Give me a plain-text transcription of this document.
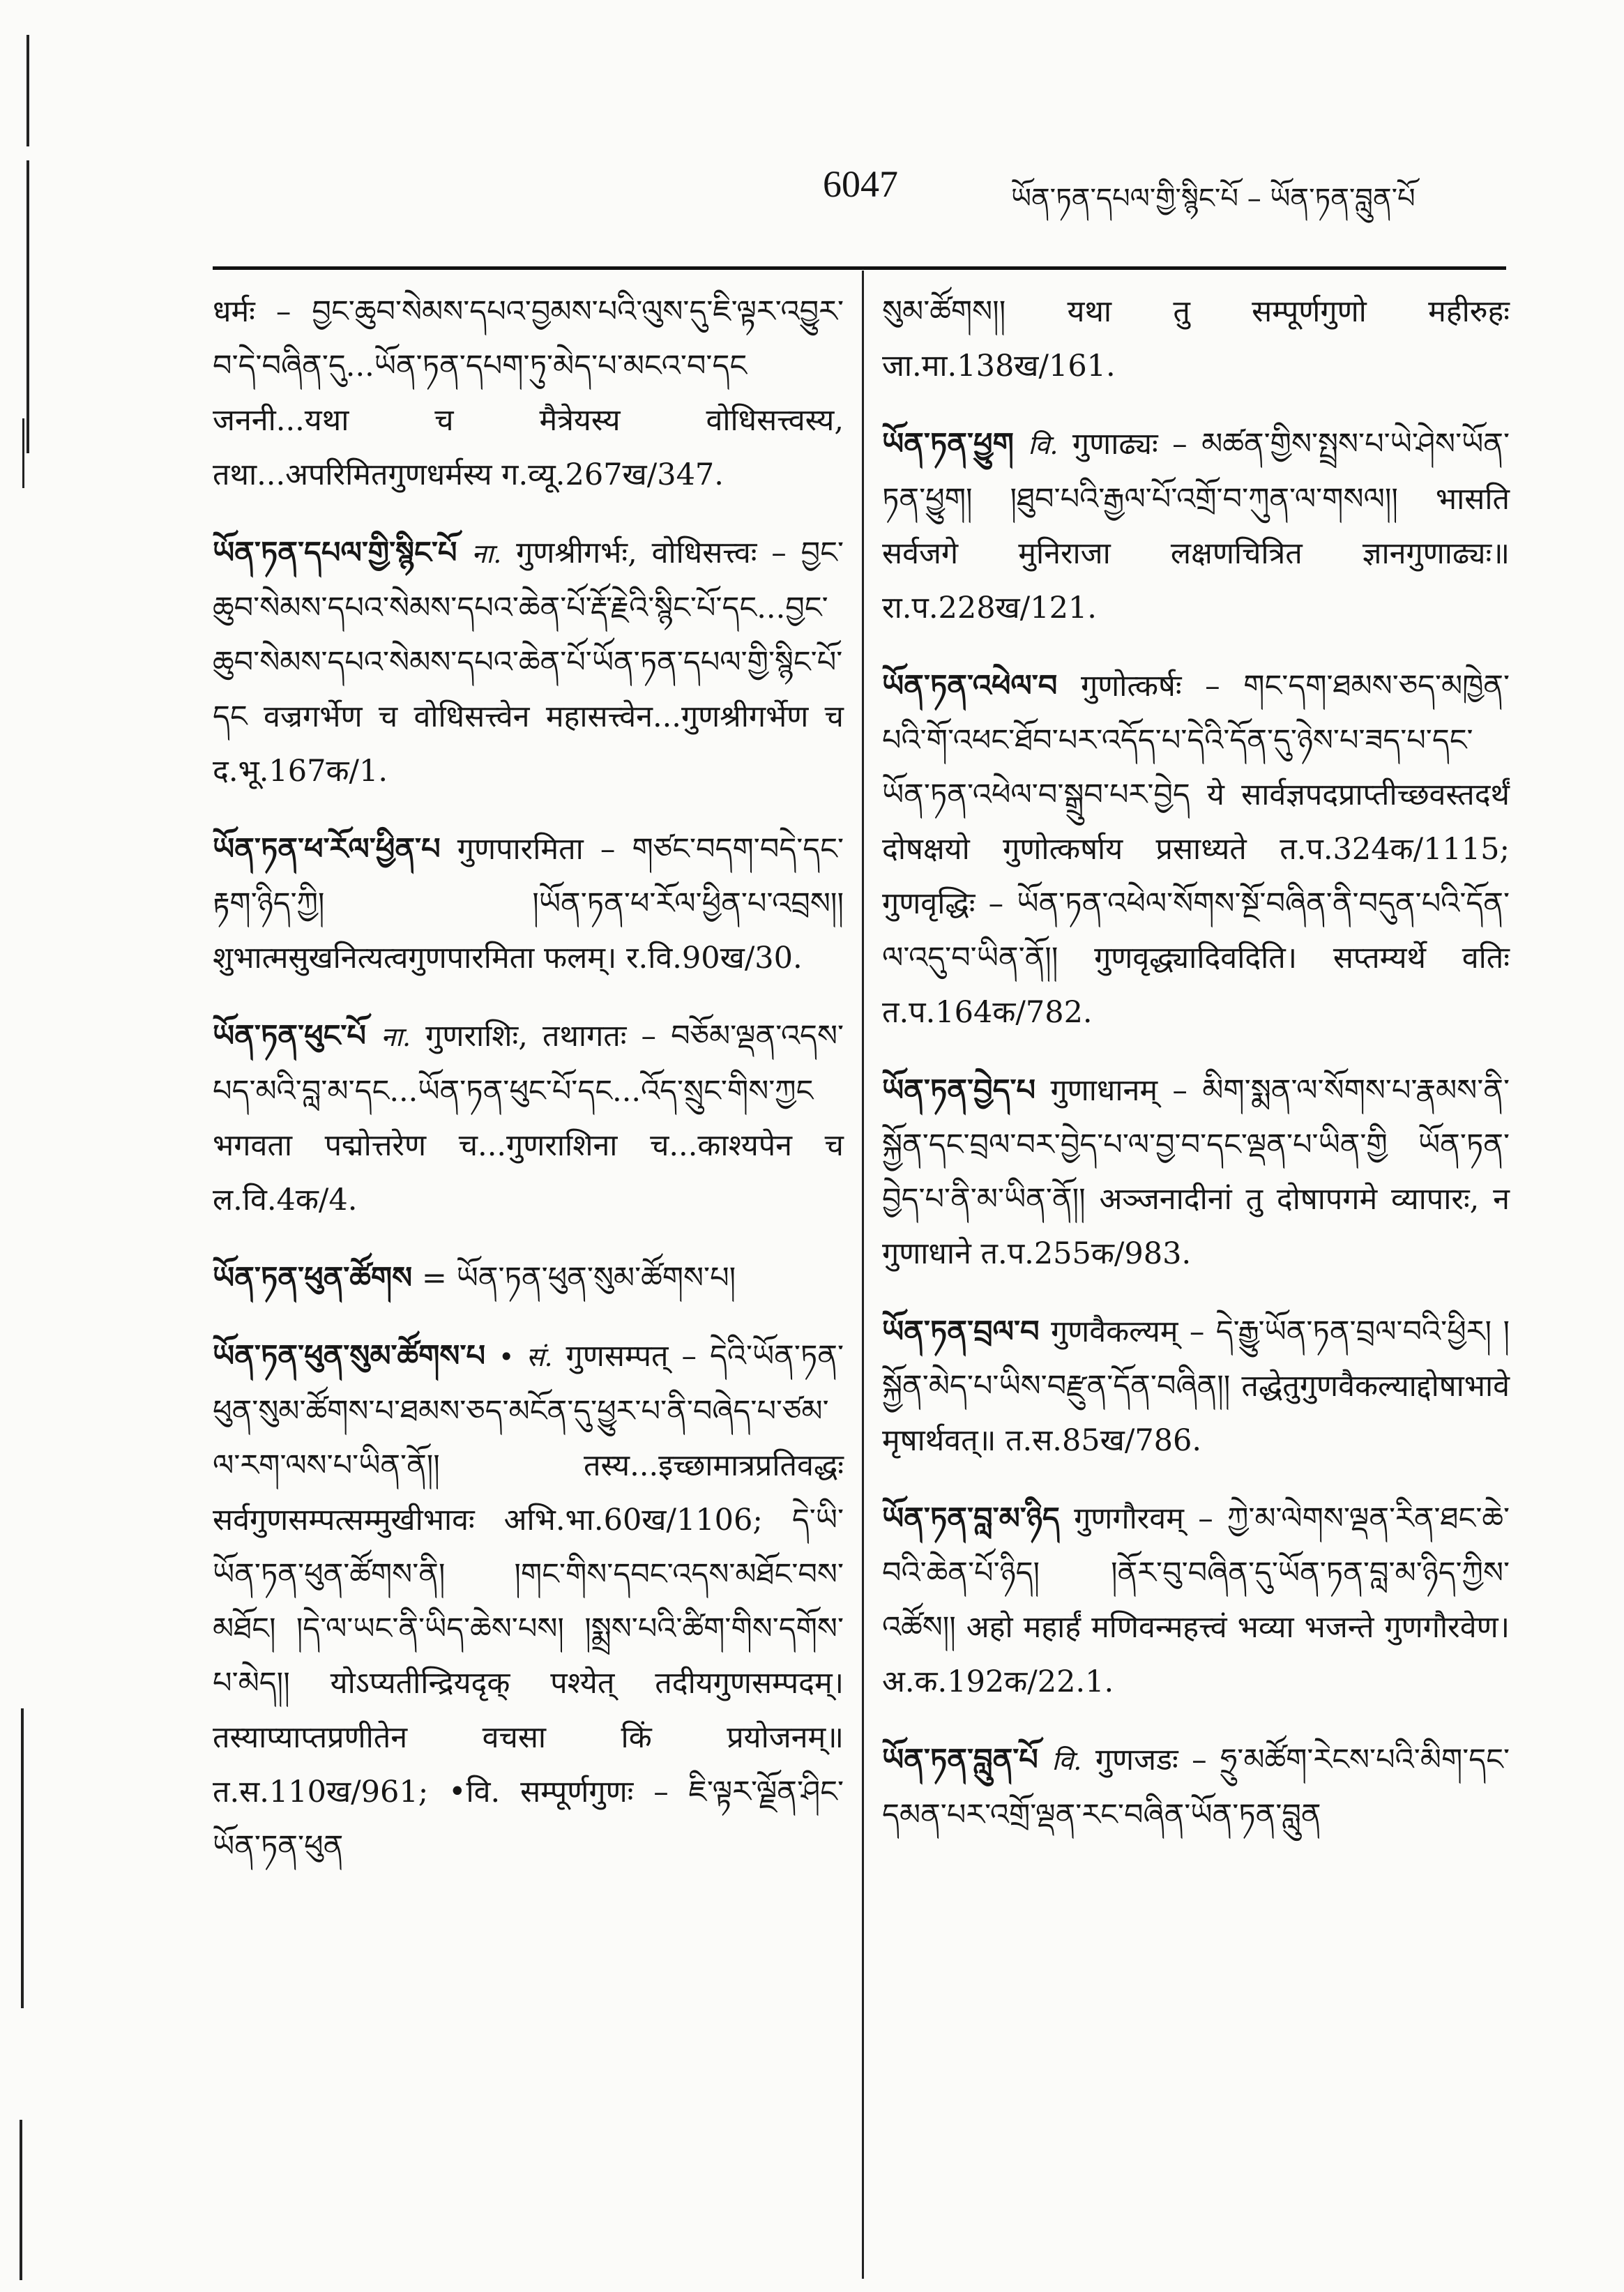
6047	ཡོན་ཏན་དཔལ་གྱི་སྙིང་པོ – ཡོན་ཏན་བླུན་པོ
धर्मः – བྱང་ཆུབ་སེམས་དཔའ་བྱམས་པའི་ལུས་དུ་ཇི་ལྟར་འབྱུར་བ་དེ་བཞིན་དུ...ཡོན་ཏན་དཔག་ཏུ་མེད་པ་མངའ་བ་དང जननी...यथा च मैत्रेयस्य वोधिसत्त्वस्य, तथा...अपरिमितगुणधर्मस्य ग.व्यू.267ख/347.
ཡོན་ཏན་དཔལ་གྱི་སྙིང་པོ ना. गुणश्रीगर्भः, वोधिसत्त्वः – བྱང་ཆུབ་སེམས་དཔའ་སེམས་དཔའ་ཆེན་པོ་རྡོ་རྗེའི་སྙིང་པོ་དང...བྱང་ཆུབ་སེམས་དཔའ་སེམས་དཔའ་ཆེན་པོ་ཡོན་ཏན་དཔལ་གྱི་སྙིང་པོ་དང वज्रगर्भेण च वोधिसत्त्वेन महासत्त्वेन...गुणश्रीगर्भेण च द.भू.167क/1.
ཡོན་ཏན་ཕ་རོལ་ཕྱིན་པ गुणपारमिता – གཙང་བདག་བདེ་དང་རྟག་ཉིད་ཀྱི། །ཡོན་ཏན་ཕ་རོལ་ཕྱིན་པ་འབྲས།། शुभात्मसुखनित्यत्वगुणपारमिता फलम्। र.वि.90ख/30.
ཡོན་ཏན་ཕུང་པོ ना. गुणराशिः, तथागतः – བཅོམ་ལྡན་འདས་པད་མའི་བླ་མ་དང...ཡོན་ཏན་ཕུང་པོ་དང...འོད་སྲུང་གིས་ཀྱང भगवता पद्मोत्तरेण च...गुणराशिना च...काश्यपेन च ल.वि.4क/4.
ཡོན་ཏན་ཕུན་ཚོགས = ཡོན་ཏན་ཕུན་སུམ་ཚོགས་པ།
ཡོན་ཏན་ཕུན་སུམ་ཚོགས་པ • सं. गुणसम्पत् – དེའི་ཡོན་ཏན་ཕུན་སུམ་ཚོགས་པ་ཐམས་ཅད་མངོན་དུ་ཕྱུར་པ་ནི་བཞེད་པ་ཙམ་ལ་རག་ལས་པ་ཡིན་ནོ།། तस्य...इच्छामात्रप्रतिवद्धः सर्वगुणसम्पत्सम्मुखीभावः अभि.भा.60ख/1106; དེ་ཡི་ཡོན་ཏན་ཕུན་ཚོགས་ནི། །གང་གིས་དབང་འདས་མཐོང་བས་མཐོང། །དེ་ལ་ཡང་ནི་ཡིད་ཆེས་པས། །སྨྲས་པའི་ཚིག་གིས་དགོས་པ་མེད།། योऽप्यतीन्द्रियदृक् पश्येत् तदीयगुणसम्पदम्। तस्याप्याप्तप्रणीतेन वचसा किं प्रयोजनम्॥ त.स.110ख/961; •वि. सम्पूर्णगुणः – ཇི་ལྟར་ལྗོན་ཤིང་ཡོན་ཏན་ཕུན
སུམ་ཚོགས།། यथा तु सम्पूर्णगुणो महीरुहः जा.मा.138ख/161.
ཡོན་ཏན་ཕྱུག वि. गुणाढ्यः – མཚན་གྱིས་སྤྲས་པ་ཡེ་ཤེས་ཡོན་ཏན་ཕྱུག། །ཐུབ་པའི་རྒྱལ་པོ་འགྲོ་བ་ཀུན་ལ་གསལ།། भासति सर्वजगे मुनिराजा लक्षणचित्रित ज्ञानगुणाढ्यः॥ रा.प.228ख/121.
ཡོན་ཏན་འཕེལ་བ गुणोत्कर्षः – གང་དག་ཐམས་ཅད་མཁྱེན་པའི་གོ་འཕང་ཐོབ་པར་འདོད་པ་དེའི་དོན་དུ་ཉེས་པ་ཟད་པ་དང་ཡོན་ཏན་འཕེལ་བ་སྒྲུབ་པར་བྱེད ये सार्वज्ञपदप्राप्तीच्छवस्तदर्थं दोषक्षयो गुणोत्कर्षाय प्रसाध्यते त.प.324क/1115; गुणवृद्धिः – ཡོན་ཏན་འཕེལ་སོགས་སྔོ་བཞིན་ནི་བདུན་པའི་དོན་ལ་འདུ་བ་ཡིན་ནོ།། गुणवृद्ध्यादिवदिति। सप्तम्यर्थे वतिः त.प.164क/782.
ཡོན་ཏན་བྱེད་པ गुणाधानम् – མིག་སྨན་ལ་སོགས་པ་རྣམས་ནི་སྐྱོན་དང་བྲལ་བར་བྱེད་པ་ལ་བྱ་བ་དང་ལྡན་པ་ཡིན་གྱི ཡོན་ཏན་བྱེད་པ་ནི་མ་ཡིན་ནོ།། अञ्जनादीनां तु दोषापगमे व्यापारः, न गुणाधाने त.प.255क/983.
ཡོན་ཏན་བྲལ་བ गुणवैकल्यम् – དེ་རྒྱུ་ཡོན་ཏན་བྲལ་བའི་ཕྱིར། །སྐྱོན་མེད་པ་ཡིས་བརྫུན་དོན་བཞིན།། तद्धेतुगुणवैकल्याद्दोषाभावे मृषार्थवत्॥ त.स.85ख/786.
ཡོན་ཏན་བླ་མ་ཉིད गुणगौरवम् – ཀྱེ་མ་ལེགས་ལྡན་རིན་ཐང་ཆེ་བའི་ཆེན་པོ་ཉིད། །ནོར་བུ་བཞིན་དུ་ཡོན་ཏན་བླ་མ་ཉིད་ཀྱིས་འཚོས།། अहो महार्हं मणिवन्महत्त्वं भव्या भजन्ते गुणगौरवेण। अ.क.192क/22.1.
ཡོན་ཏན་བླུན་པོ वि. गुणजडः – ཧྲུ་མཚོག་རེངས་པའི་མིག་དང་དམན་པར་འགྲོ་ལྡན་རང་བཞིན་ཡོན་ཏན་བླུན
